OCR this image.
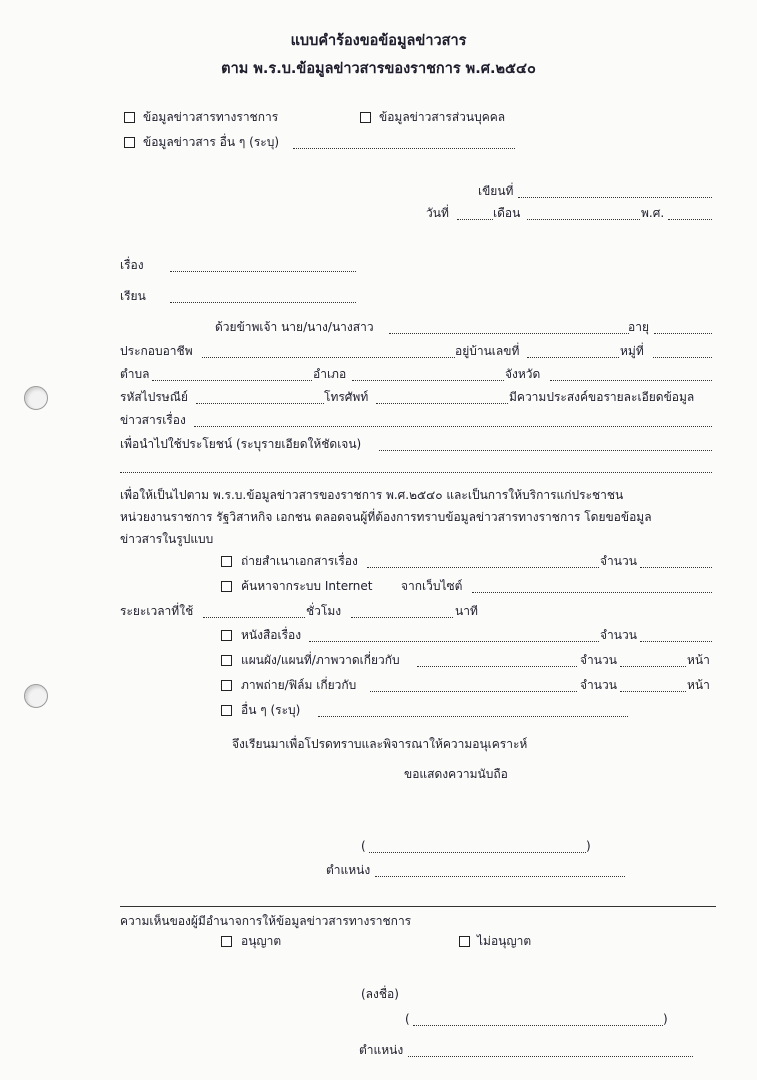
แบบคำร้องขอข้อมูลข่าวสาร
ตาม พ.ร.บ.ข้อมูลข่าวสารของราชการ พ.ศ.๒๕๔๐
ข้อมูลข่าวสารทางราชการ	ข้อมูลข่าวสารส่วนบุคคล
ข้อมูลข่าวสาร อื่น ๆ (ระบุ)
เขียนที่
วันที่	เดือน	พ.ศ.
เรื่อง
เรียน
ด้วยข้าพเจ้า นาย/นาง/นางสาว	อายุ
ประกอบอาชีพ	อยู่บ้านเลขที่	หมู่ที่
ตำบล	อำเภอ	จังหวัด
รหัสไปรษณีย์	โทรศัพท์	มีความประสงค์ขอรายละเอียดข้อมูล
ข่าวสารเรื่อง
เพื่อนำไปใช้ประโยชน์ (ระบุรายเอียดให้ชัดเจน)
เพื่อให้เป็นไปตาม พ.ร.บ.ข้อมูลข่าวสารของราชการ พ.ศ.๒๕๔๐ และเป็นการให้บริการแก่ประชาชน
หน่วยงานราชการ รัฐวิสาหกิจ เอกชน ตลอดจนผู้ที่ต้องการทราบข้อมูลข่าวสารทางราชการ โดยขอข้อมูล
ข่าวสารในรูปแบบ
ถ่ายสำเนาเอกสารเรื่อง	จำนวน
ค้นหาจากระบบ Internet จากเว็บไซต์
ระยะเวลาที่ใช้	ชั่วโมง	นาที
หนังสือเรื่อง	จำนวน
แผนผัง/แผนที่/ภาพวาดเกี่ยวกับ	จำนวน	หน้า
ภาพถ่าย/ฟิล์ม เกี่ยวกับ	จำนวน	หน้า
อื่น ๆ (ระบุ)
จึงเรียนมาเพื่อโปรดทราบและพิจารณาให้ความอนุเคราะห์
ขอแสดงความนับถือ
(	)
ตำแหน่ง
ความเห็นของผู้มีอำนาจการให้ข้อมูลข่าวสารทางราชการ
อนุญาต	ไม่อนุญาต
(ลงชื่อ)
(	)
ตำแหน่ง
